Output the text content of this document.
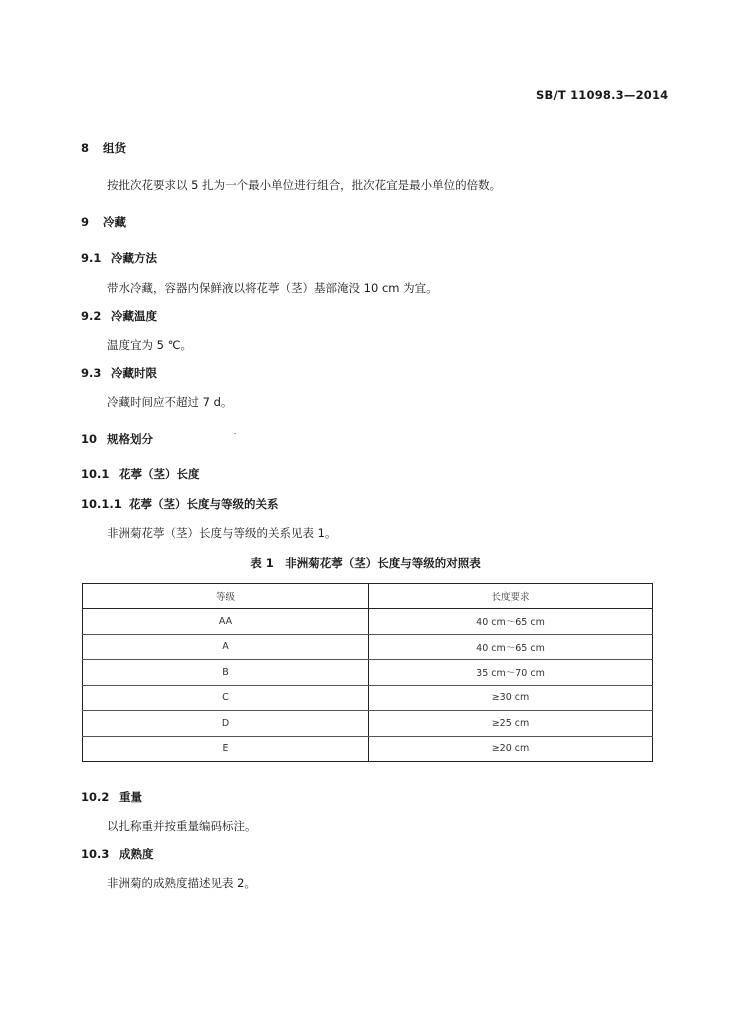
SB/T 11098.3—2014
8 组货
按批次花要求以 5 扎为一个最小单位进行组合，批次花宜是最小单位的倍数。
9 冷藏
9.1 冷藏方法
带水冷藏，容器内保鲜液以将花葶（茎）基部淹没 10 cm 为宜。
9.2 冷藏温度
温度宜为 5 ℃。
9.3 冷藏时限
冷藏时间应不超过 7 d。
10 规格划分
10.1 花葶（茎）长度
10.1.1 花葶（茎）长度与等级的关系
非洲菊花葶（茎）长度与等级的关系见表 1。
表 1　非洲菊花葶（茎）长度与等级的对照表
等级	长度要求
AA	40 cm～65 cm
A	40 cm～65 cm
B	35 cm～70 cm
C	≥30 cm
D	≥25 cm
E	≥20 cm
10.2 重量
以扎称重并按重量编码标注。
10.3 成熟度
非洲菊的成熟度描述见表 2。
